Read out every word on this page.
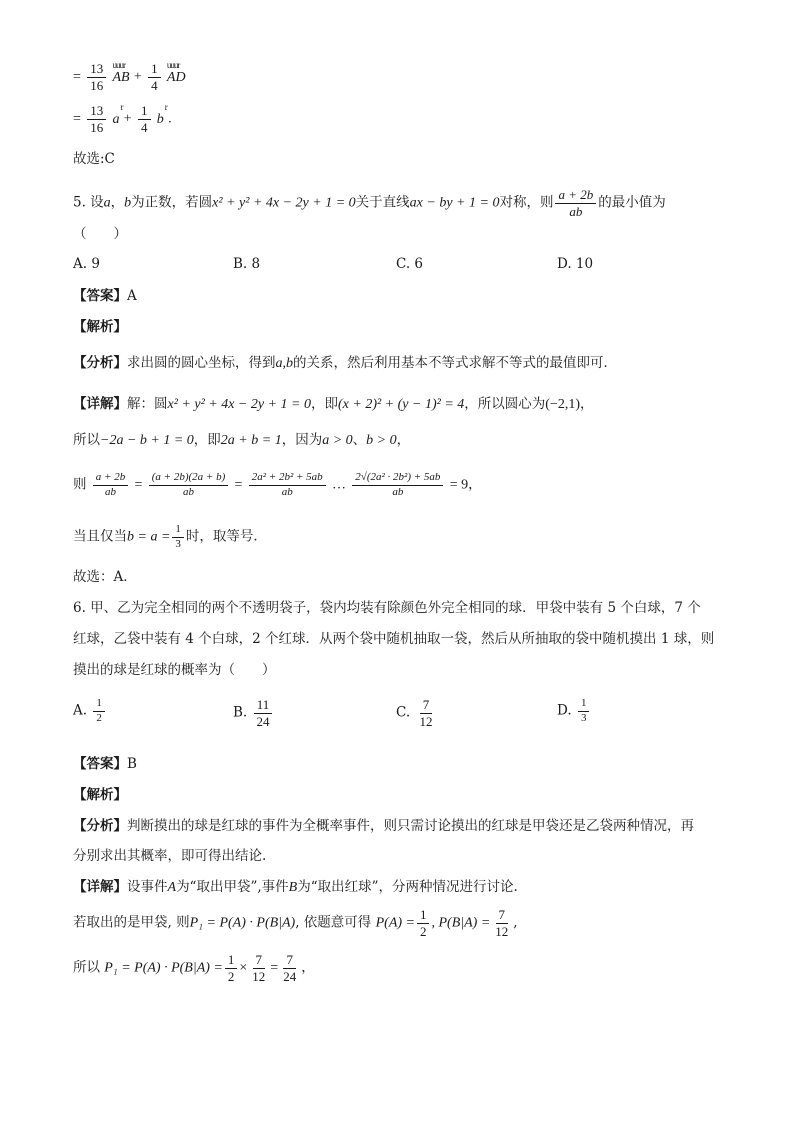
= $\frac{13}{16}$
uuur
AB + $\frac{1}{4}$
uuur
AD
= $\frac{13}{16}$
r
$a + \frac{1}{4}$
r
b .
故选:C
5. 设a，b为正数，若圆x² + y² + 4x − 2y + 1 = 0关于直线ax − by + 1 = 0对称，则 $\frac{a + 2b}{ab}$ 的最小值为
（　　）
A. 9	B. 8	C. 6	D. 10
【答案】A
【解析】
【分析】求出圆的圆心坐标，得到a,b的关系，然后利用基本不等式求解不等式的最值即可．
【详解】解：圆x² + y² + 4x − 2y + 1 = 0，即(x + 2)² + (y − 1)² = 4，所以圆心为(−2,1)，
所以−2a − b + 1 = 0，即2a + b = 1，因为a > 0、b > 0，
则 $\frac{a + 2b}{ab} = \frac{(a + 2b)(2a + b)}{ab} = \frac{\text{2a² + 2b² + 5ab}}{ab}$ … $\frac{\text{2√(2a² · 2b²) + 5ab}}{ab} = 9$，
当且仅当$b = a = \frac{1}{3}$ 时，取等号．
故选：A．
6. 甲、乙为完全相同的两个不透明袋子，袋内均装有除颜色外完全相同的球．甲袋中装有 5 个白球，7 个
红球，乙袋中装有 4 个白球，2 个红球．从两个袋中随机抽取一袋，然后从所抽取的袋中随机摸出 1 球，则
摸出的球是红球的概率为（　　）
A. $\frac{1}{2}$	B. $\frac{11}{24}$	C. $\frac{7}{12}$	D. $\frac{1}{3}$
【答案】B
【解析】
【分析】判断摸出的球是红球的事件为全概率事件，则只需讨论摸出的红球是甲袋还是乙袋两种情况，再
分别求出其概率，即可得出结论.
【详解】设事件A为“取出甲袋”,事件B为“取出红球”，分两种情况进行讨论.
若取出的是甲袋, 则P₁ = P(A) · P(B|A), 依题意可得 $P(A) = \frac{1}{2}$ , $P(B|A) = \frac{7}{12}$ ,
所以 $P_1 = P(A) \cdot P(B|A) = \frac{1}{2} \times \frac{7}{12} = \frac{7}{24}$ ，
